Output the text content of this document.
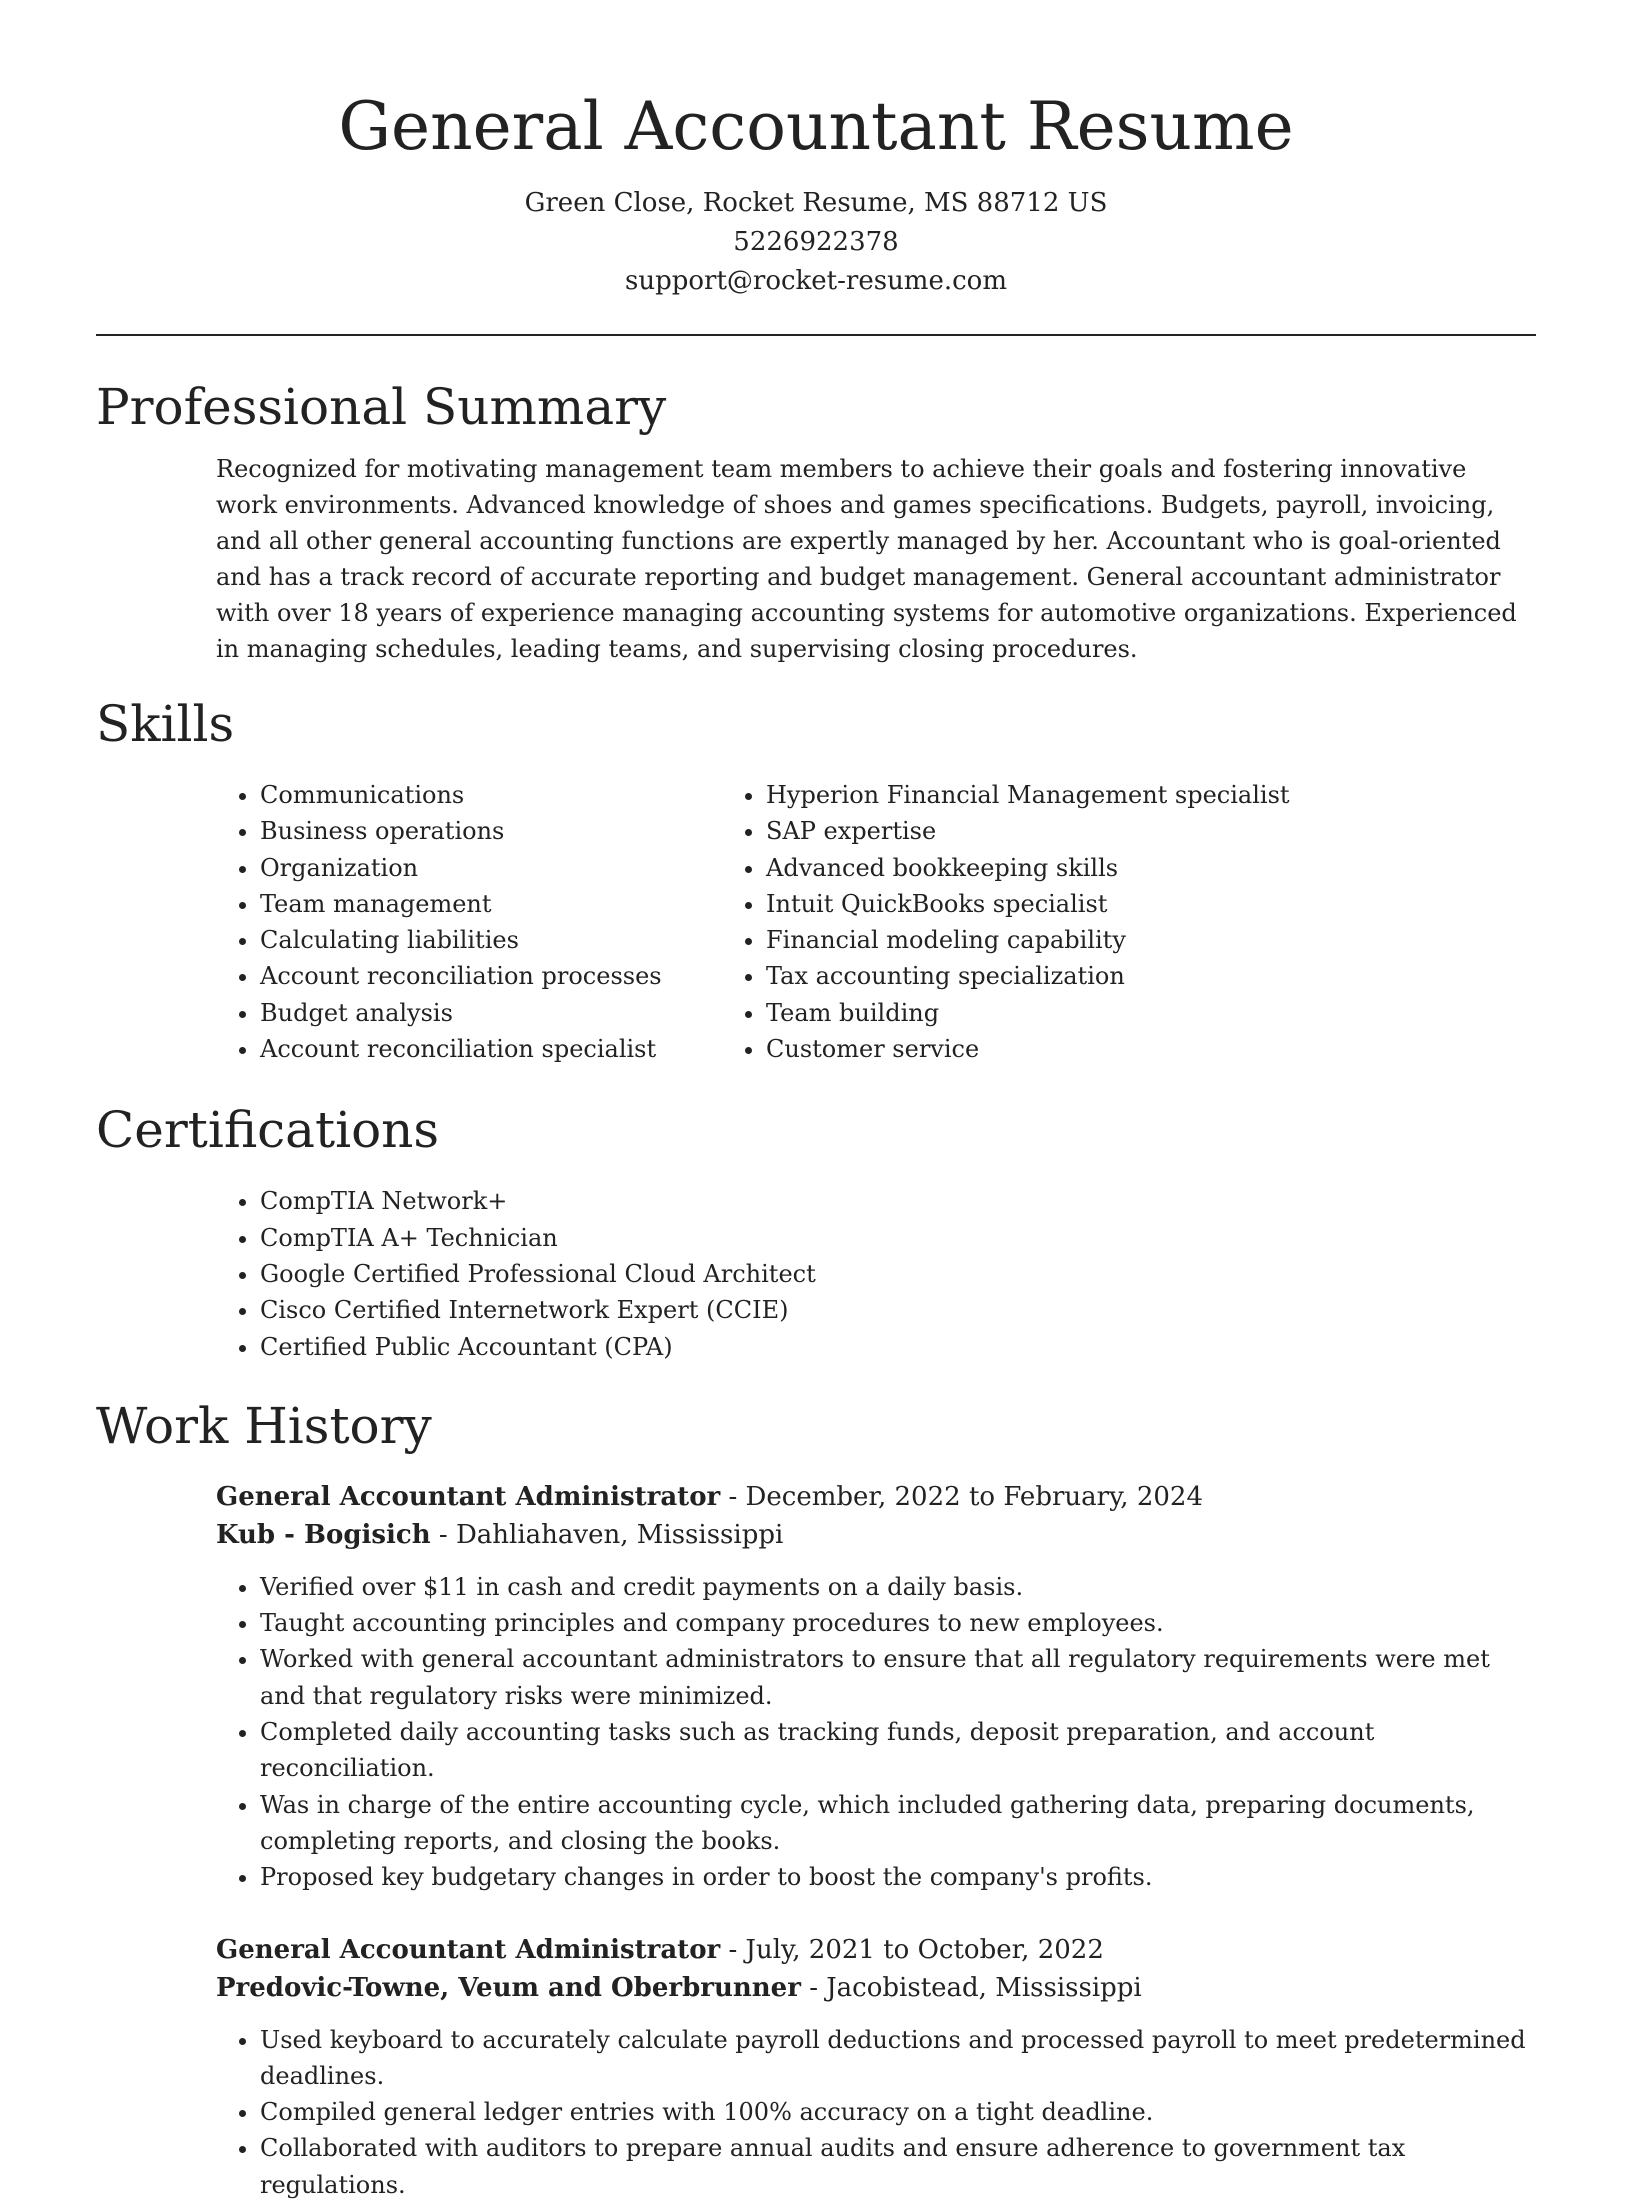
General Accountant Resume

Green Close, Rocket Resume, MS 88712 US

5226922378

support@rocket-resume.com

Professional Summary

Recognized for motivating management team members to achieve their goals and fostering innovative work environments. Advanced knowledge of shoes and games specifications. Budgets, payroll, invoicing, and all other general accounting functions are expertly managed by her. Accountant who is goal-oriented and has a track record of accurate reporting and budget management. General accountant administrator with over 18 years of experience managing accounting systems for automotive organizations. Experienced in managing schedules, leading teams, and supervising closing procedures.

Skills
• Communications
• Business operations
• Organization
• Team management
• Calculating liabilities
• Account reconciliation processes
• Budget analysis
• Account reconciliation specialist
• Hyperion Financial Management specialist
• SAP expertise
• Advanced bookkeeping skills
• Intuit QuickBooks specialist
• Financial modeling capability
• Tax accounting specialization
• Team building
• Customer service
Certifications
• CompTIA Network+
• CompTIA A+ Technician
• Google Certified Professional Cloud Architect
• Cisco Certified Internetwork Expert (CCIE)
• Certified Public Accountant (CPA)
Work History

General Accountant Administrator - December, 2022 to February, 2024

Kub - Bogisich - Dahliahaven, Mississippi

• Verified over $11 in cash and credit payments on a daily basis.
• Taught accounting principles and company procedures to new employees.
• Worked with general accountant administrators to ensure that all regulatory requirements were met and that regulatory risks were minimized.
• Completed daily accounting tasks such as tracking funds, deposit preparation, and account reconciliation.
• Was in charge of the entire accounting cycle, which included gathering data, preparing documents, completing reports, and closing the books.
• Proposed key budgetary changes in order to boost the company's profits.

General Accountant Administrator - July, 2021 to October, 2022

Predovic-Towne, Veum and Oberbrunner - Jacobistead, Mississippi

• Used keyboard to accurately calculate payroll deductions and processed payroll to meet predetermined deadlines.
• Compiled general ledger entries with 100% accuracy on a tight deadline.
• Collaborated with auditors to prepare annual audits and ensure adherence to government tax regulations.
